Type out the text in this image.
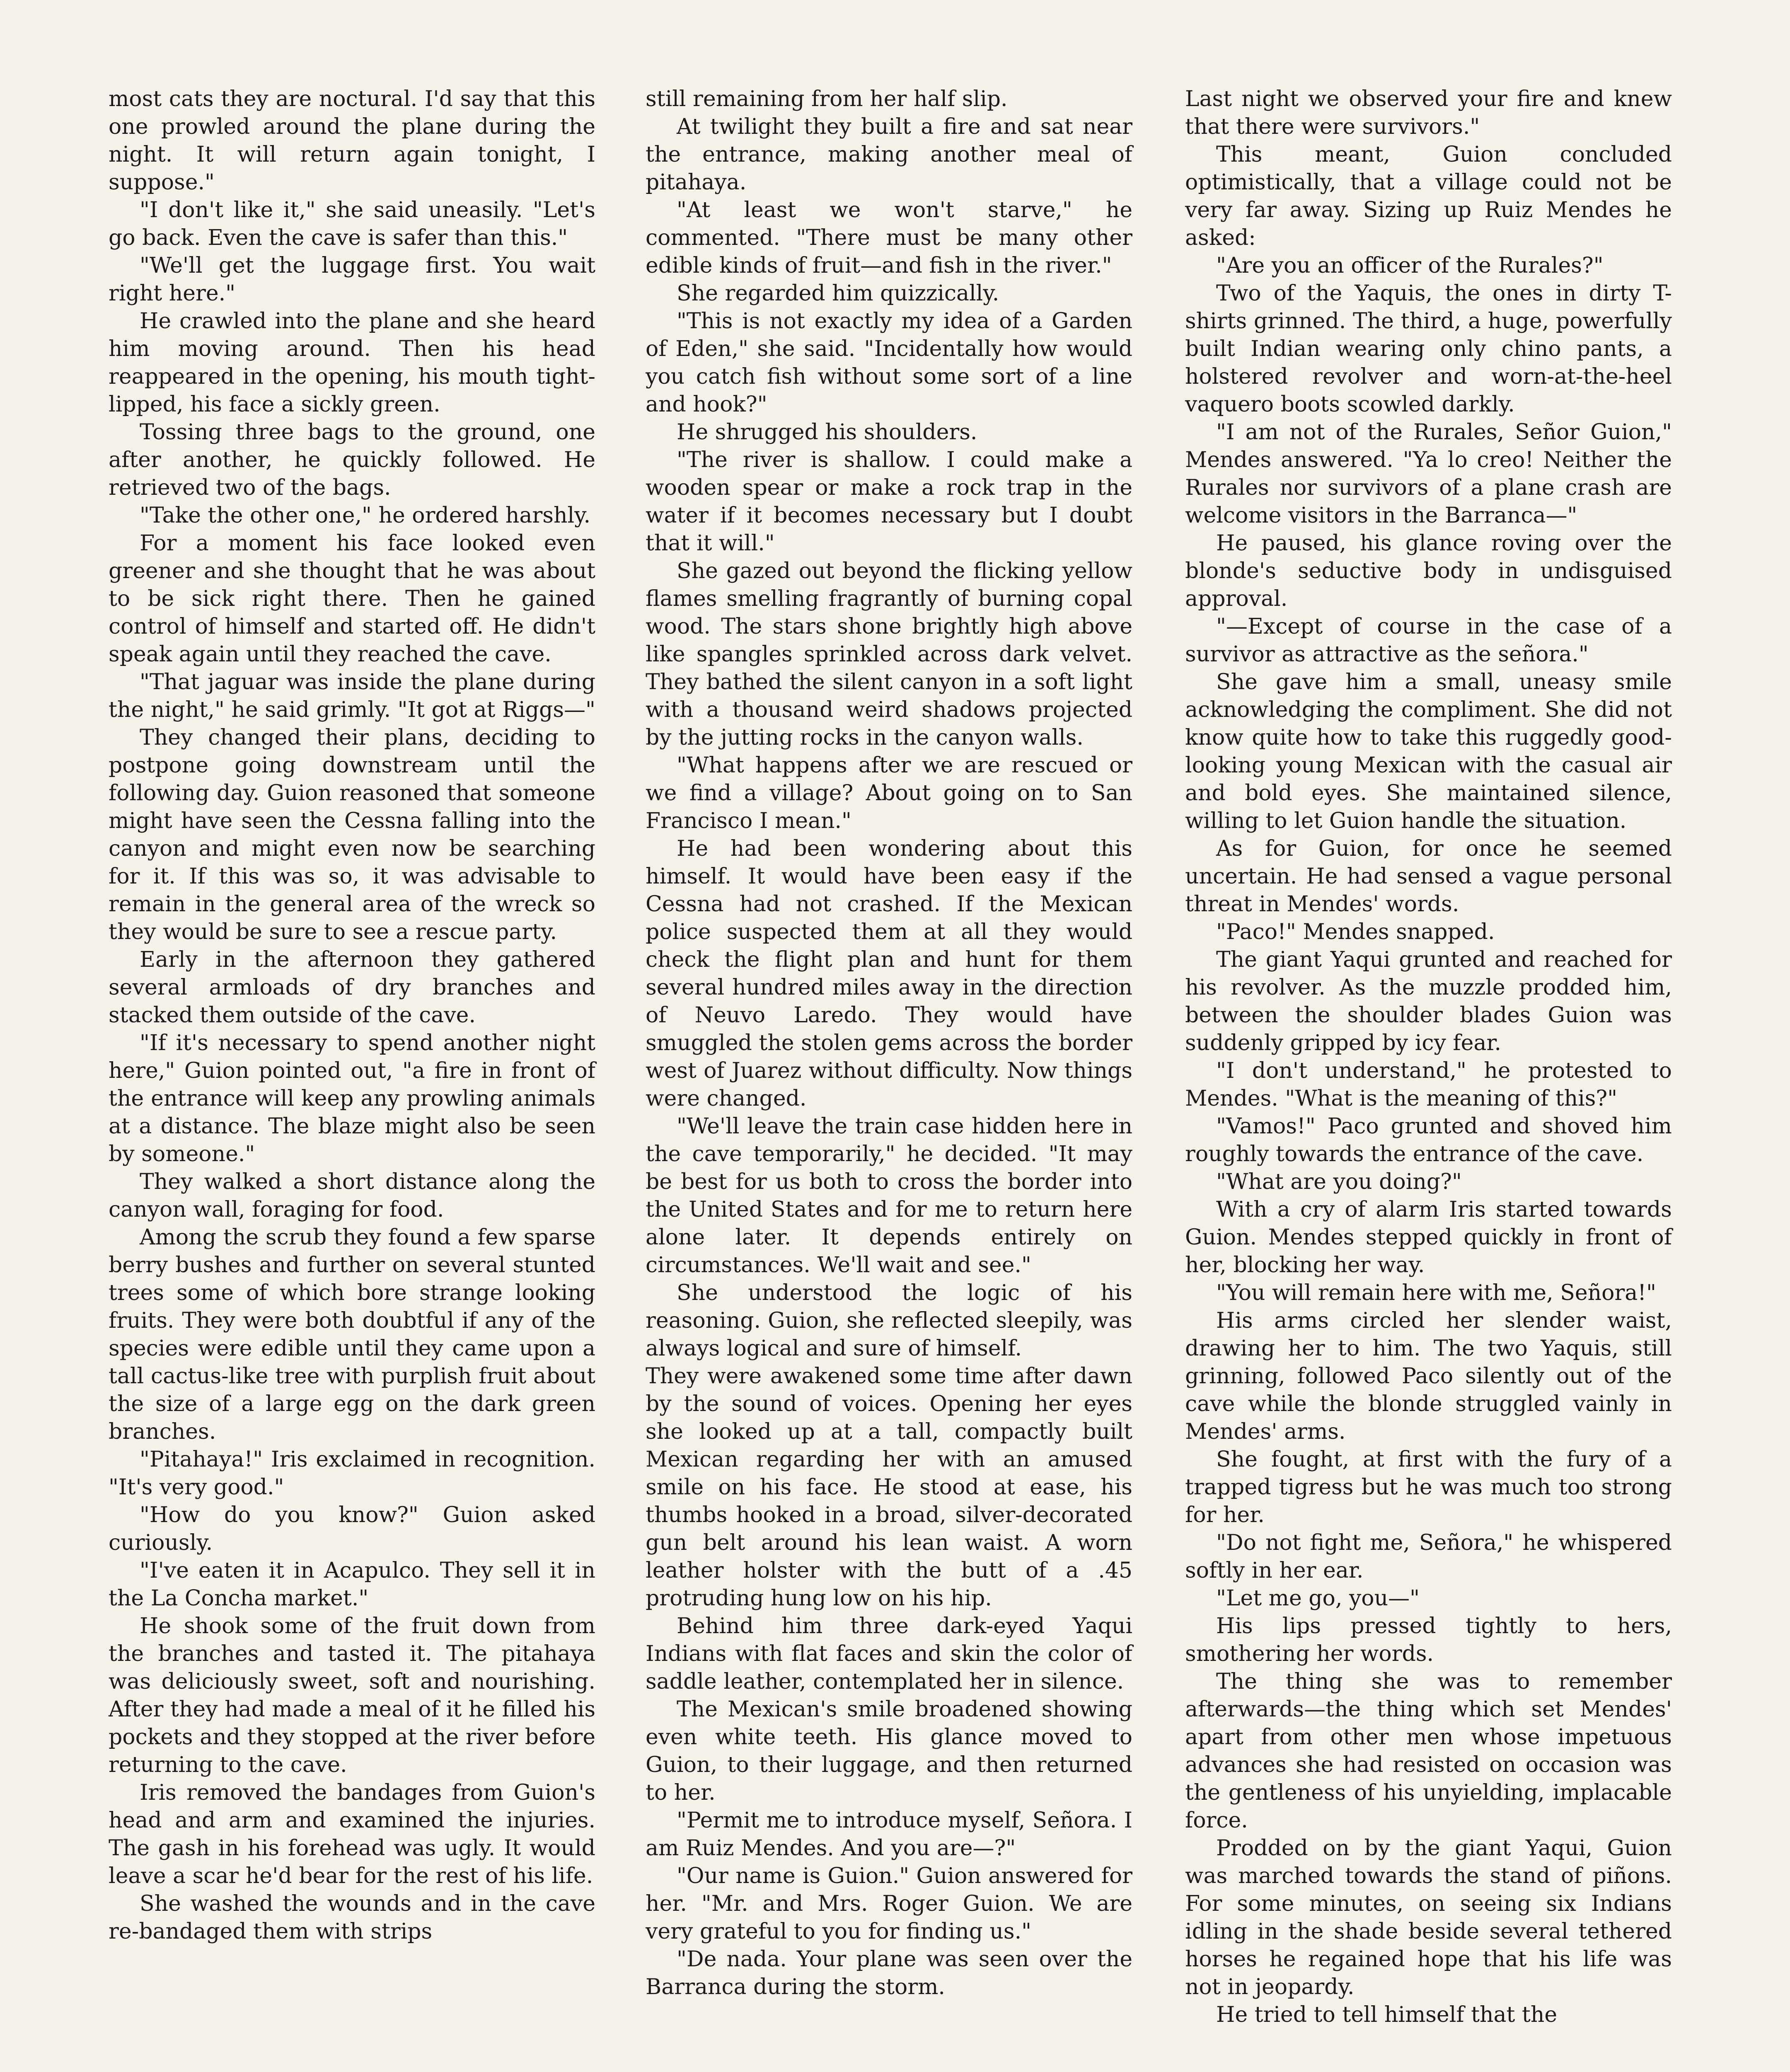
most cats they are noctural. I'd say that this one prowled around the plane during the night. It will return again tonight, I suppose."

"I don't like it," she said uneasily. "Let's go back. Even the cave is safer than this."

"We'll get the luggage first. You wait right here."

He crawled into the plane and she heard him moving around. Then his head reappeared in the opening, his mouth tight-lipped, his face a sickly green.

Tossing three bags to the ground, one after another, he quickly followed. He retrieved two of the bags.

"Take the other one," he ordered harshly.

For a moment his face looked even greener and she thought that he was about to be sick right there. Then he gained control of himself and started off. He didn't speak again until they reached the cave.

"That jaguar was inside the plane during the night," he said grimly. "It got at Riggs—"

They changed their plans, deciding to postpone going downstream until the following day. Guion reasoned that someone might have seen the Cessna falling into the canyon and might even now be searching for it. If this was so, it was advisable to remain in the general area of the wreck so they would be sure to see a rescue party.

Early in the afternoon they gathered several armloads of dry branches and stacked them outside of the cave.

"If it's necessary to spend another night here," Guion pointed out, "a fire in front of the entrance will keep any prowling animals at a distance. The blaze might also be seen by someone."

They walked a short distance along the canyon wall, foraging for food.

Among the scrub they found a few sparse berry bushes and further on several stunted trees some of which bore strange looking fruits. They were both doubtful if any of the species were edible until they came upon a tall cactus-like tree with purplish fruit about the size of a large egg on the dark green branches.

"Pitahaya!" Iris exclaimed in recognition. "It's very good."

"How do you know?" Guion asked curiously.

"I've eaten it in Acapulco. They sell it in the La Concha market."

He shook some of the fruit down from the branches and tasted it. The pitahaya was deliciously sweet, soft and nourishing. After they had made a meal of it he filled his pockets and they stopped at the river before returning to the cave.

Iris removed the bandages from Guion's head and arm and examined the injuries. The gash in his forehead was ugly. It would leave a scar he'd bear for the rest of his life.

She washed the wounds and in the cave re-bandaged them with strips

still remaining from her half slip.

At twilight they built a fire and sat near the entrance, making another meal of pitahaya.

"At least we won't starve," he commented. "There must be many other edible kinds of fruit—and fish in the river."

She regarded him quizzically.

"This is not exactly my idea of a Garden of Eden," she said. "Incidentally how would you catch fish without some sort of a line and hook?"

He shrugged his shoulders.

"The river is shallow. I could make a wooden spear or make a rock trap in the water if it becomes necessary but I doubt that it will."

She gazed out beyond the flicking yellow flames smelling fragrantly of burning copal wood. The stars shone brightly high above like spangles sprinkled across dark velvet. They bathed the silent canyon in a soft light with a thousand weird shadows projected by the jutting rocks in the canyon walls.

"What happens after we are rescued or we find a village? About going on to San Francisco I mean."

He had been wondering about this himself. It would have been easy if the Cessna had not crashed. If the Mexican police suspected them at all they would check the flight plan and hunt for them several hundred miles away in the direction of Neuvo Laredo. They would have smuggled the stolen gems across the border west of Juarez without difficulty. Now things were changed.

"We'll leave the train case hidden here in the cave temporarily," he decided. "It may be best for us both to cross the border into the United States and for me to return here alone later. It depends entirely on circumstances. We'll wait and see."

She understood the logic of his reasoning. Guion, she reflected sleepily, was always logical and sure of himself.

They were awakened some time after dawn by the sound of voices. Opening her eyes she looked up at a tall, compactly built Mexican regarding her with an amused smile on his face. He stood at ease, his thumbs hooked in a broad, silver-decorated gun belt around his lean waist. A worn leather holster with the butt of a .45 protruding hung low on his hip.

Behind him three dark-eyed Yaqui Indians with flat faces and skin the color of saddle leather, contemplated her in silence.

The Mexican's smile broadened showing even white teeth. His glance moved to Guion, to their luggage, and then returned to her.

"Permit me to introduce myself, Señora. I am Ruiz Mendes. And you are—?"

"Our name is Guion." Guion answered for her. "Mr. and Mrs. Roger Guion. We are very grateful to you for finding us."

"De nada. Your plane was seen over the Barranca during the storm.

Last night we observed your fire and knew that there were survivors."

This meant, Guion concluded optimistically, that a village could not be very far away. Sizing up Ruiz Mendes he asked:

"Are you an officer of the Rurales?"

Two of the Yaquis, the ones in dirty T-shirts grinned. The third, a huge, powerfully built Indian wearing only chino pants, a holstered revolver and worn-at-the-heel vaquero boots scowled darkly.

"I am not of the Rurales, Señor Guion," Mendes answered. "Ya lo creo! Neither the Rurales nor survivors of a plane crash are welcome visitors in the Barranca—"

He paused, his glance roving over the blonde's seductive body in undisguised approval.

"—Except of course in the case of a survivor as attractive as the señora."

She gave him a small, uneasy smile acknowledging the compliment. She did not know quite how to take this ruggedly good-looking young Mexican with the casual air and bold eyes. She maintained silence, willing to let Guion handle the situation.

As for Guion, for once he seemed uncertain. He had sensed a vague personal threat in Mendes' words.

"Paco!" Mendes snapped.

The giant Yaqui grunted and reached for his revolver. As the muzzle prodded him, between the shoulder blades Guion was suddenly gripped by icy fear.

"I don't understand," he protested to Mendes. "What is the meaning of this?"

"Vamos!" Paco grunted and shoved him roughly towards the entrance of the cave.

"What are you doing?"

With a cry of alarm Iris started towards Guion. Mendes stepped quickly in front of her, blocking her way.

"You will remain here with me, Señora!"

His arms circled her slender waist, drawing her to him. The two Yaquis, still grinning, followed Paco silently out of the cave while the blonde struggled vainly in Mendes' arms.

She fought, at first with the fury of a trapped tigress but he was much too strong for her.

"Do not fight me, Señora," he whispered softly in her ear.

"Let me go, you—"

His lips pressed tightly to hers, smothering her words.

The thing she was to remember afterwards—the thing which set Mendes' apart from other men whose impetuous advances she had resisted on occasion was the gentleness of his unyielding, implacable force.

Prodded on by the giant Yaqui, Guion was marched towards the stand of piñons. For some minutes, on seeing six Indians idling in the shade beside several tethered horses he regained hope that his life was not in jeopardy.

He tried to tell himself that the
